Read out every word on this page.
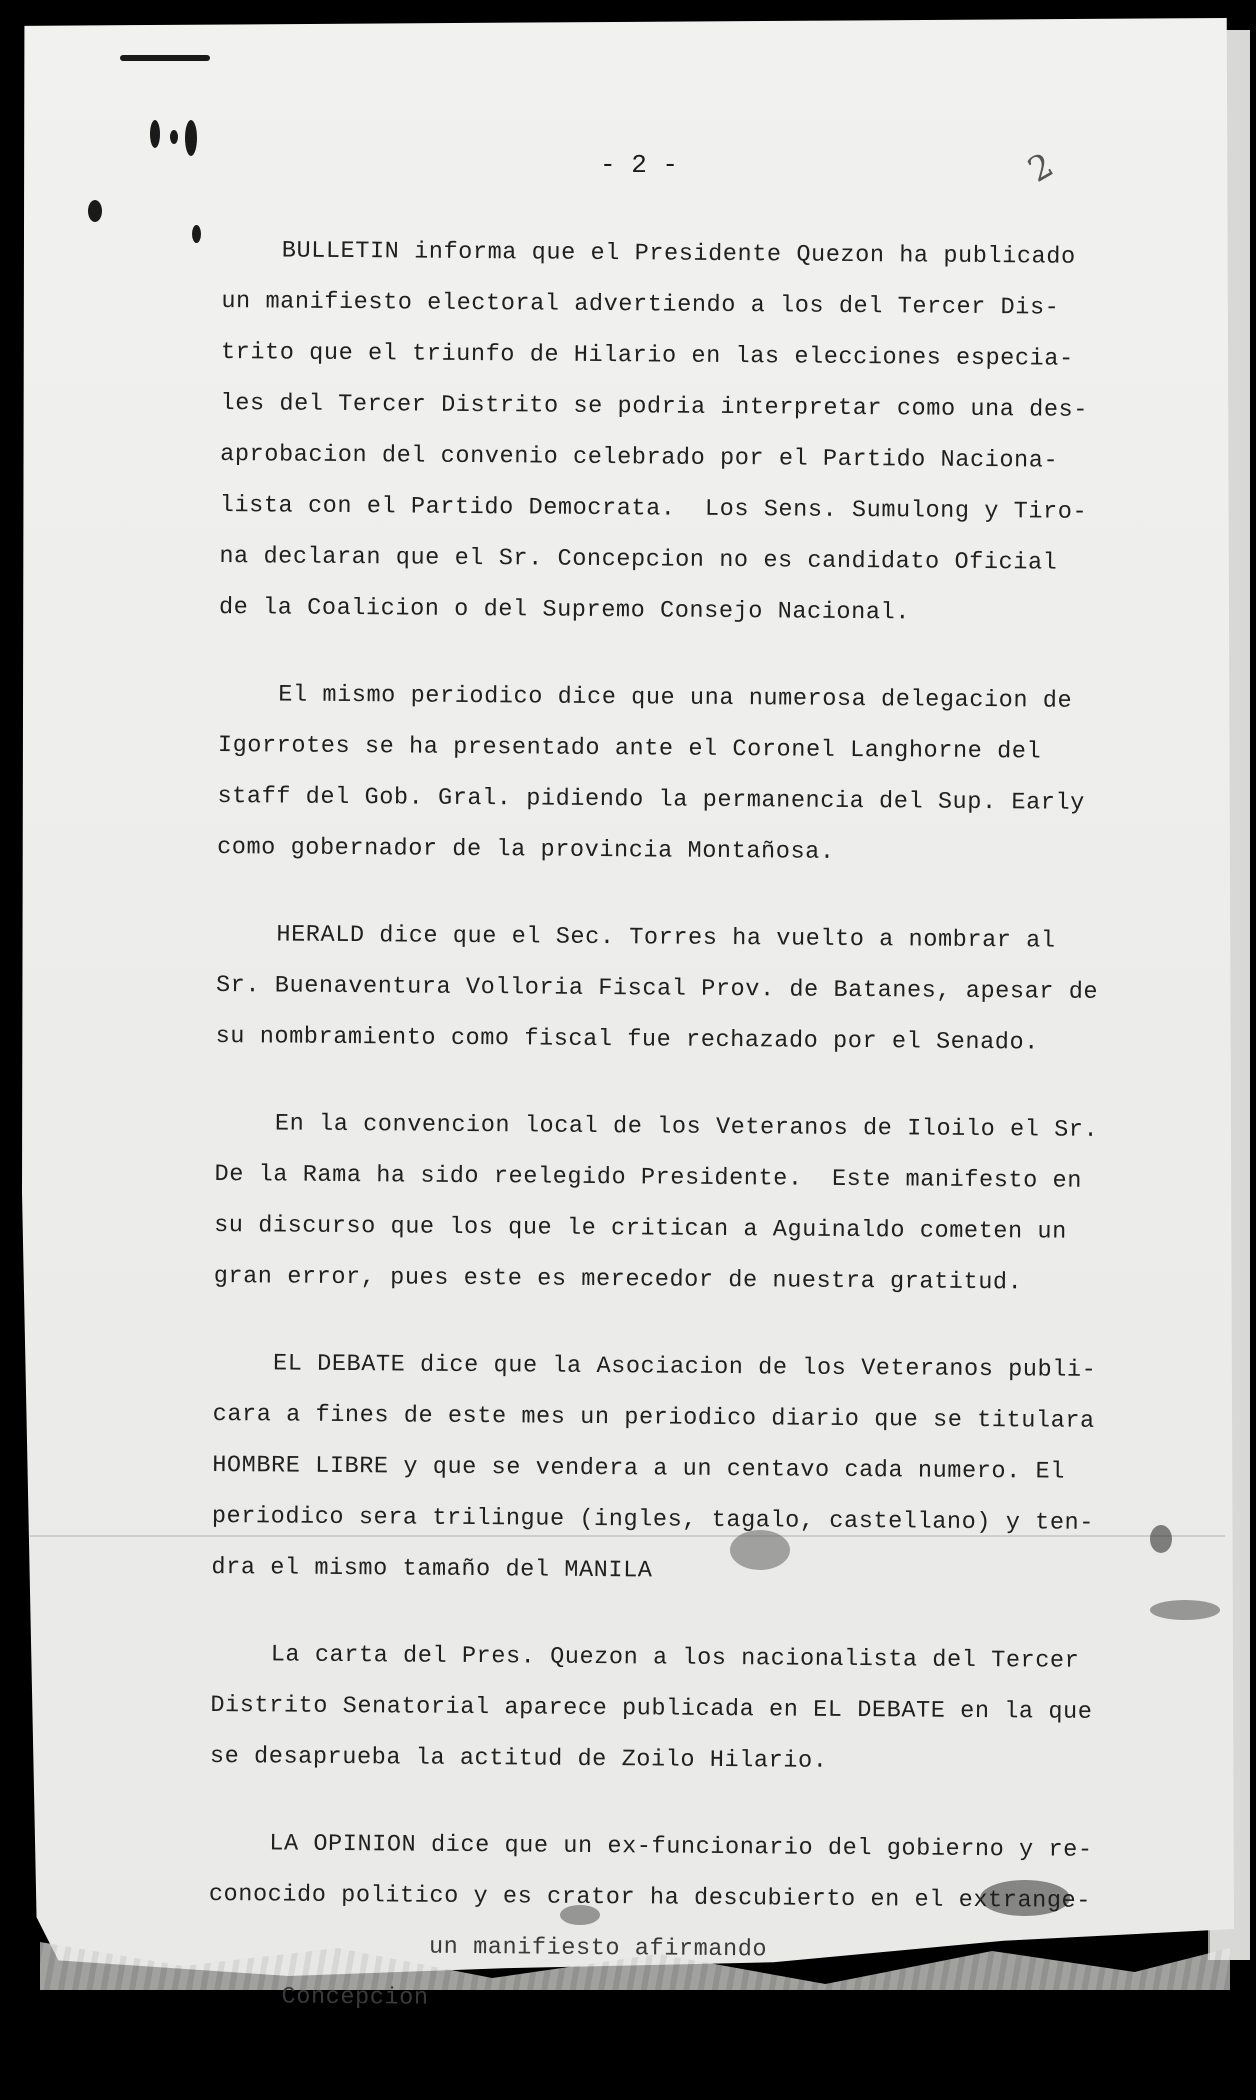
- 2 -	2
BULLETIN informa que el Presidente Quezon ha publicado
un manifiesto electoral advertiendo a los del Tercer Dis-
trito que el triunfo de Hilario en las elecciones especia-
les del Tercer Distrito se podria interpretar como una des-
aprobacion del convenio celebrado por el Partido Naciona-
lista con el Partido Democrata.  Los Sens. Sumulong y Tiro-
na declaran que el Sr. Concepcion no es candidato Oficial
de la Coalicion o del Supremo Consejo Nacional.
El mismo periodico dice que una numerosa delegacion de
Igorrotes se ha presentado ante el Coronel Langhorne del
staff del Gob. Gral. pidiendo la permanencia del Sup. Early
como gobernador de la provincia Montañosa.
HERALD dice que el Sec. Torres ha vuelto a nombrar al
Sr. Buenaventura Volloria Fiscal Prov. de Batanes, apesar de
su nombramiento como fiscal fue rechazado por el Senado.
En la convencion local de los Veteranos de Iloilo el Sr.
De la Rama ha sido reelegido Presidente.  Este manifesto en
su discurso que los que le critican a Aguinaldo cometen un
gran error, pues este es merecedor de nuestra gratitud.
EL DEBATE dice que la Asociacion de los Veteranos publi-
cara a fines de este mes un periodico diario que se titulara
HOMBRE LIBRE y que se vendera a un centavo cada numero. El
periodico sera trilingue (ingles, tagalo, castellano) y ten-
dra el mismo tamaño del MANILA
La carta del Pres. Quezon a los nacionalista del Tercer
Distrito Senatorial aparece publicada en EL DEBATE en la que
se desaprueba la actitud de Zoilo Hilario.
LA OPINION dice que un ex-funcionario del gobierno y re-
conocido politico y es crator ha descubierto en el extrange-
un manifiesto afirmando
Concepcion
